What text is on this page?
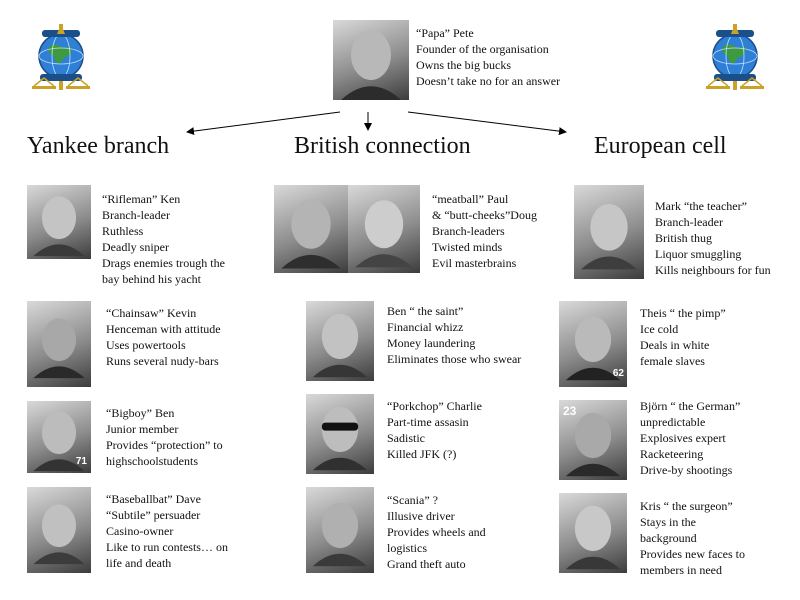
“Papa” Pete
Founder of the organisation
Owns the big bucks
Doesn’t take no for an answer
Yankee branch	British connection	European cell
“Rifleman” Ken
Branch-leader
Ruthless
Deadly sniper
Drags enemies trough the
bay behind his yacht
“Chainsaw” Kevin
Henceman with attitude
Uses powertools
Runs several nudy-bars
71
“Bigboy” Ben
Junior member
Provides “protection” to
highschoolstudents
“Baseballbat” Dave
“Subtile” persuader
Casino-owner
Like to run contests… on
life and death
“meatball” Paul
& “butt-cheeks”Doug
Branch-leaders
Twisted minds
Evil masterbrains
Ben “ the saint”
Financial whizz
Money laundering
Eliminates those who swear
“Porkchop” Charlie
Part-time assasin
Sadistic
Killed JFK (?)
“Scania” ?
Illusive driver
Provides wheels and
logistics
Grand theft auto
Mark “the teacher”
Branch-leader
British thug
Liquor smuggling
Kills neighbours for fun
62
Theis “ the pimp”
Ice cold
Deals in white
female slaves
23	Björn “ the German”
unpredictable
Explosives expert
Racketeering
Drive-by shootings
Kris “ the surgeon”
Stays in the
background
Provides new faces to
members in need
